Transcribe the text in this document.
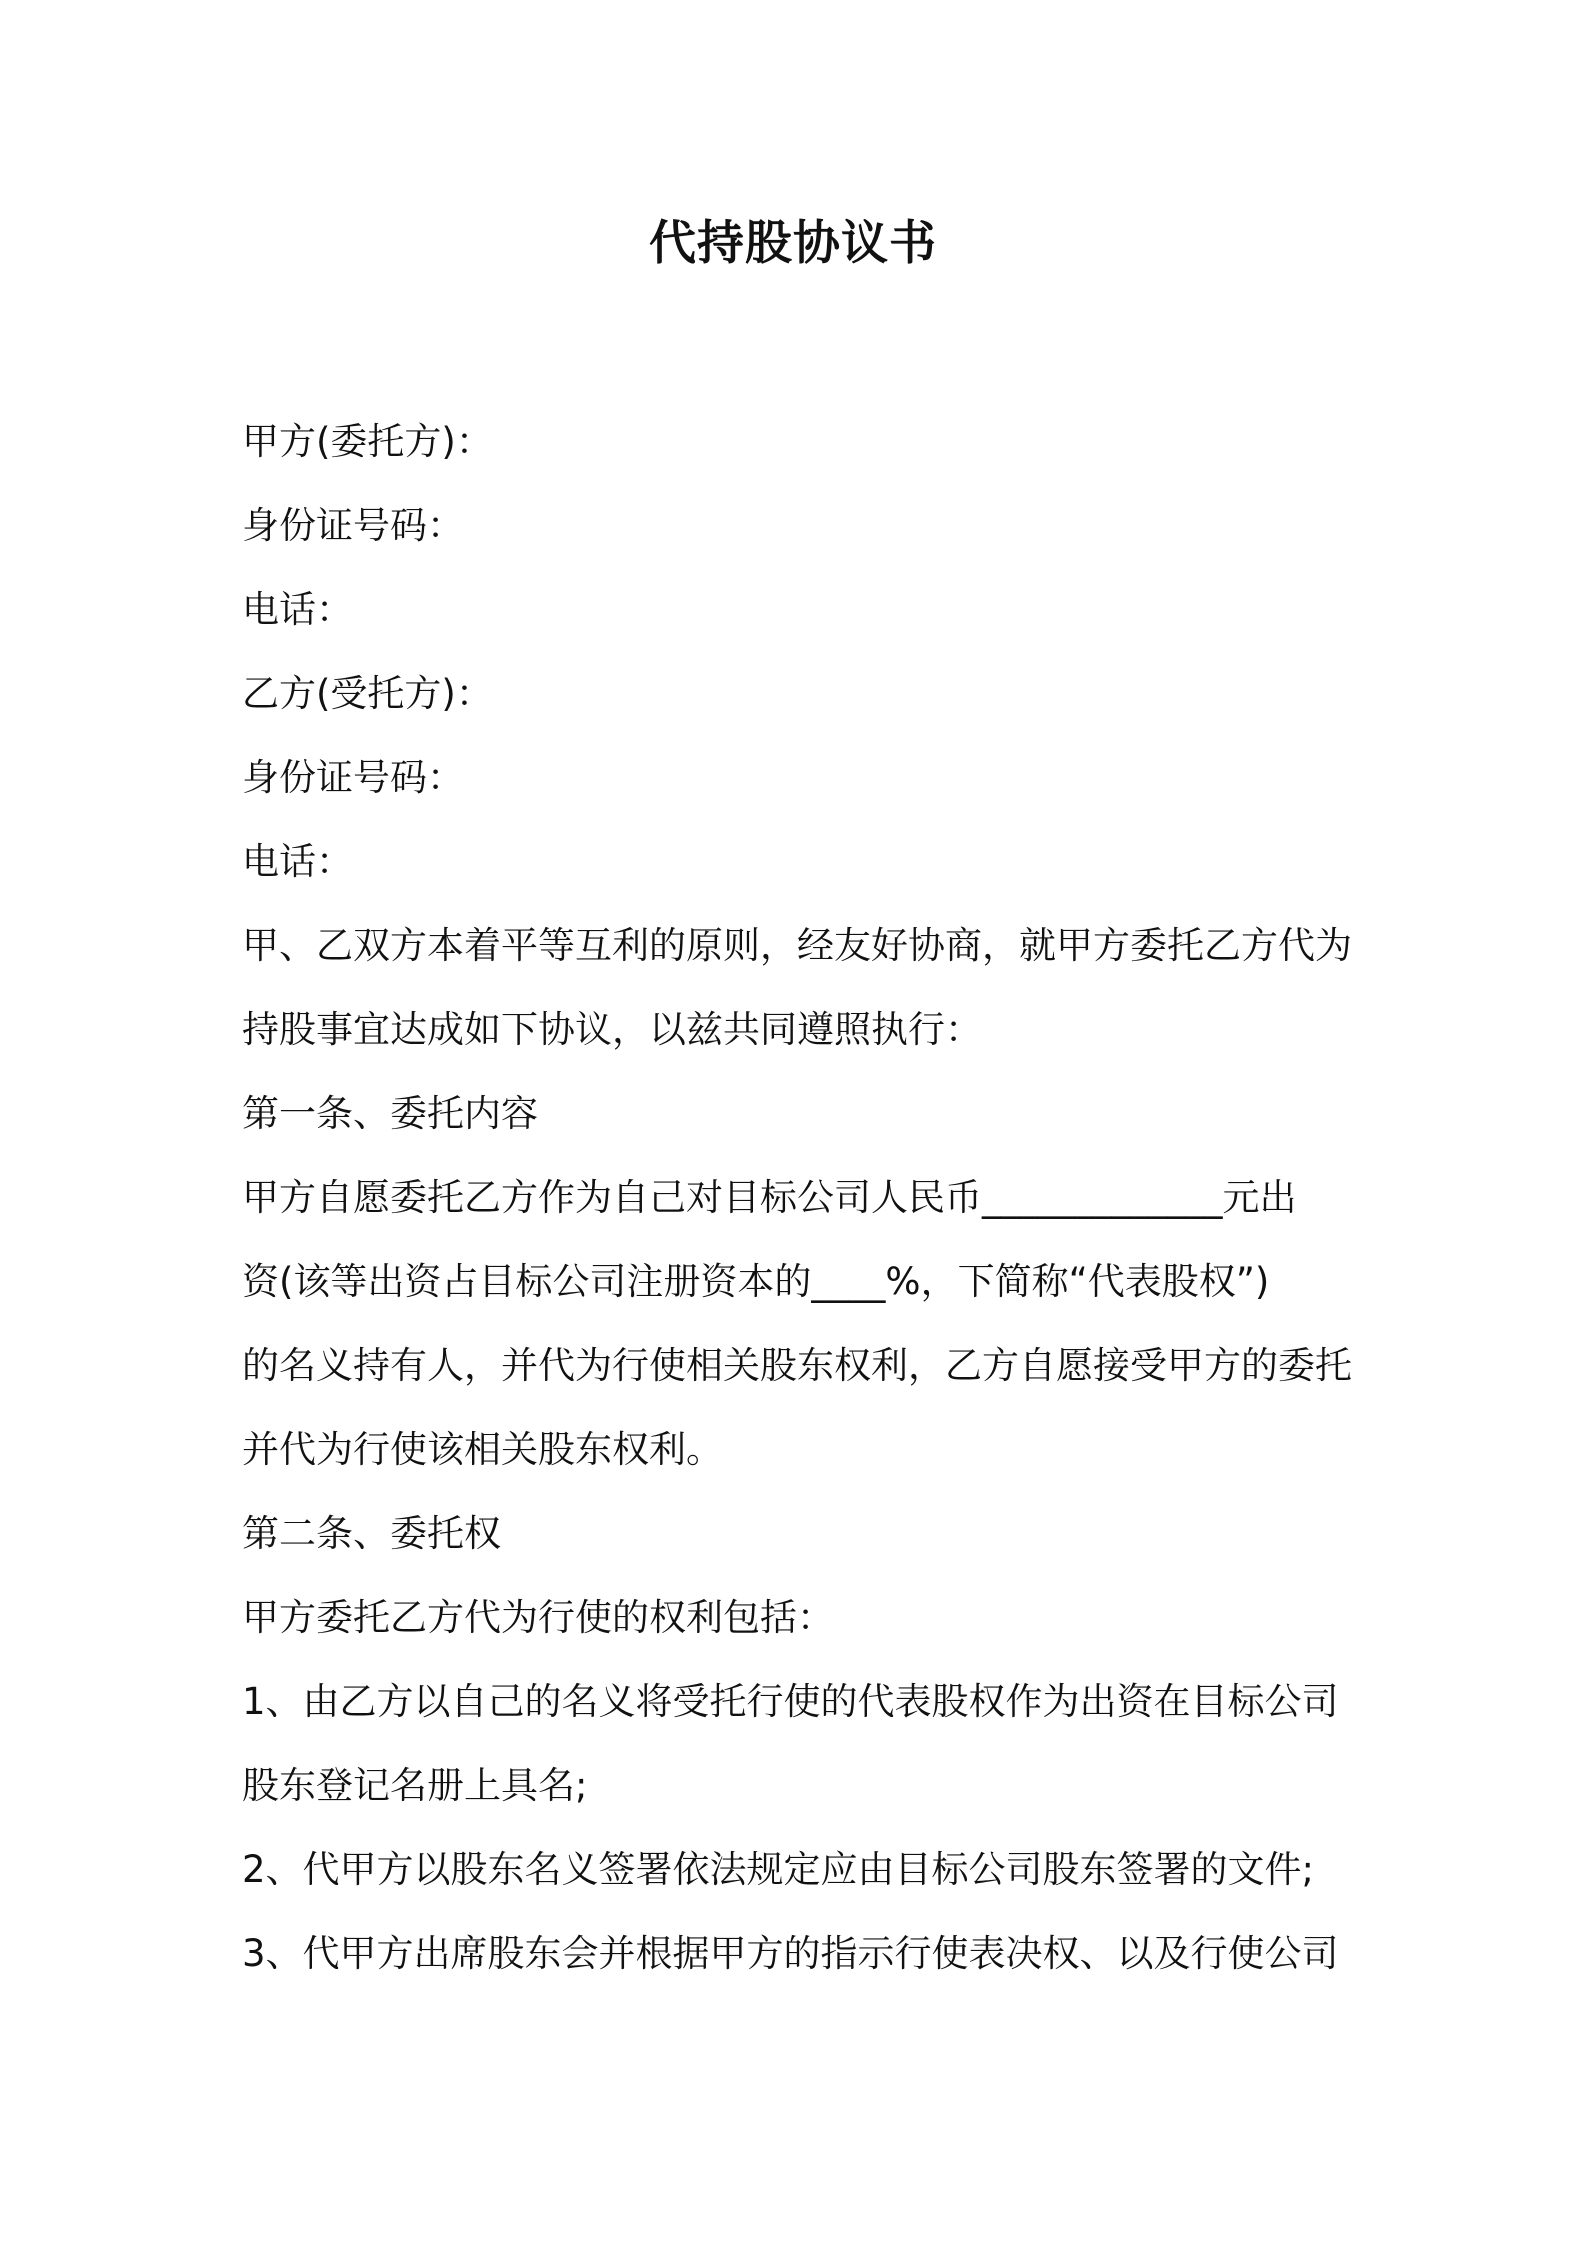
代持股协议书
甲方(委托方)：
身份证号码：
电话：
乙方(受托方)：
身份证号码：
电话：
甲、乙双方本着平等互利的原则，经友好协商，就甲方委托乙方代为
持股事宜达成如下协议，以兹共同遵照执行：
第一条、委托内容
甲方自愿委托乙方作为自己对目标公司人民币_____________元出
资(该等出资占目标公司注册资本的____%，下简称“代表股权”)
的名义持有人，并代为行使相关股东权利，乙方自愿接受甲方的委托
并代为行使该相关股东权利。
第二条、委托权
甲方委托乙方代为行使的权利包括：
1、由乙方以自己的名义将受托行使的代表股权作为出资在目标公司
股东登记名册上具名;
2、代甲方以股东名义签署依法规定应由目标公司股东签署的文件;
3、代甲方出席股东会并根据甲方的指示行使表决权、以及行使公司
